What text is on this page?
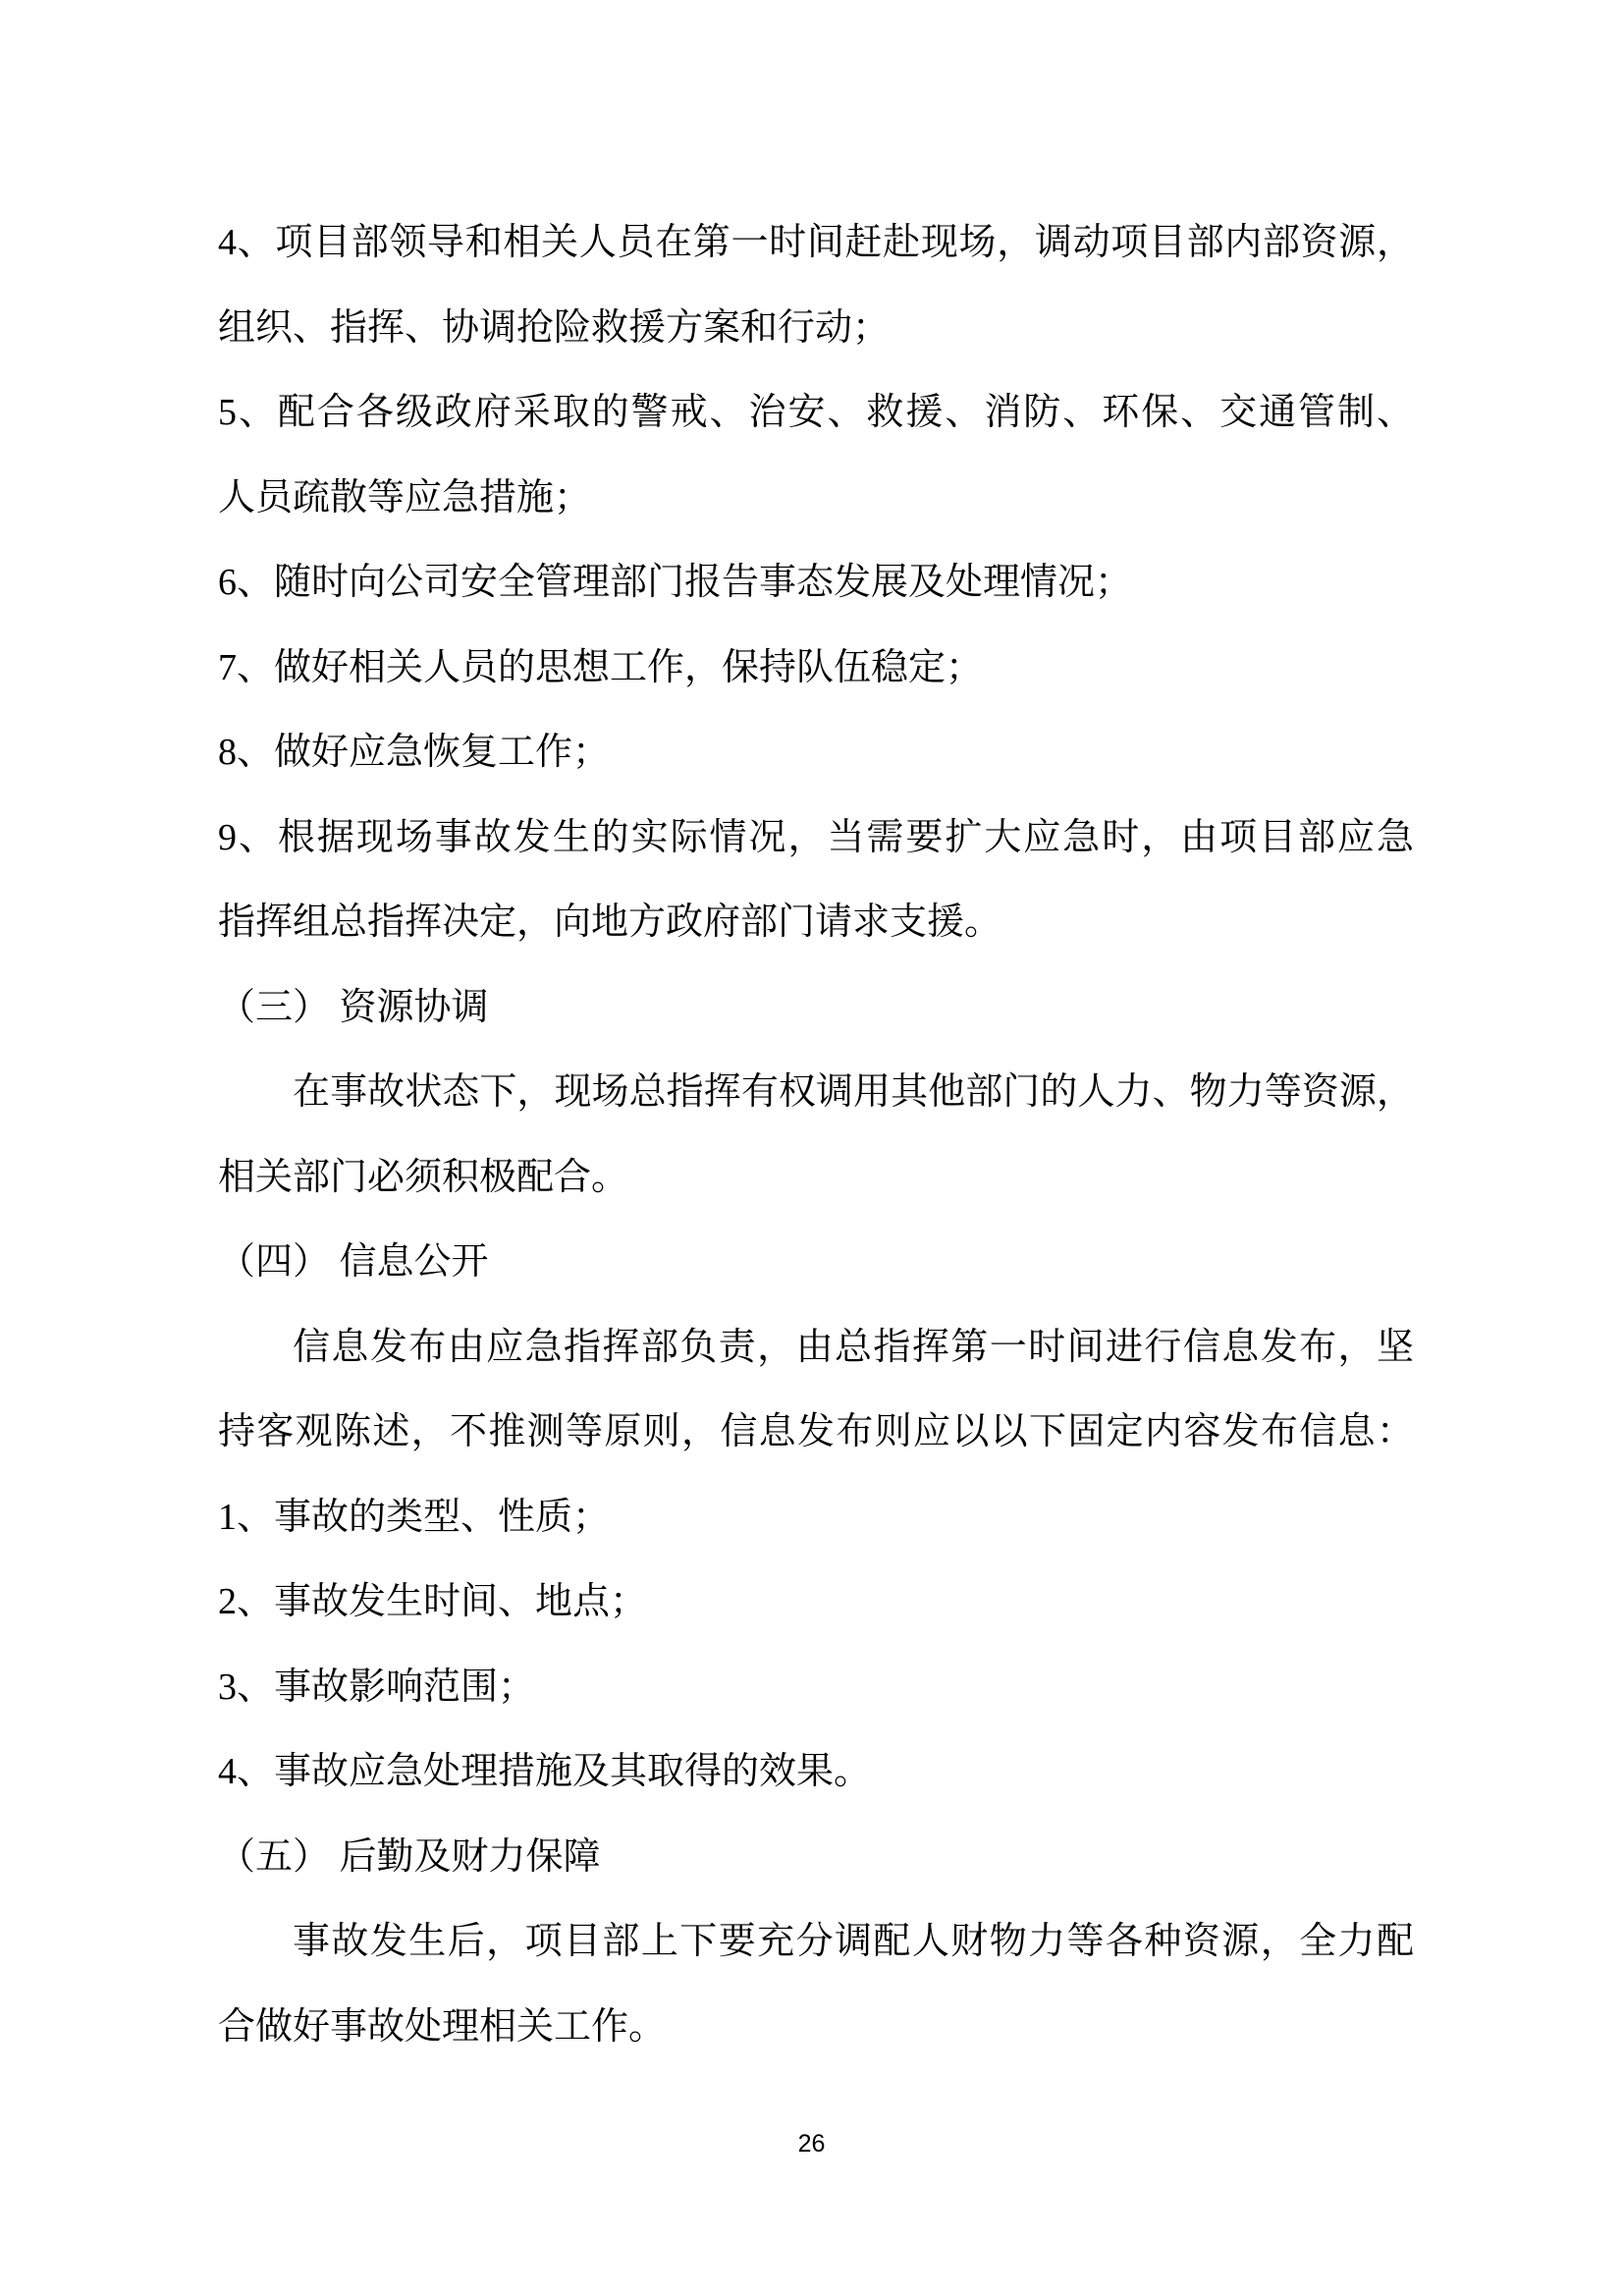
4、项目部领导和相关人员在第一时间赶赴现场，调动项目部内部资源，
组织、指挥、协调抢险救援方案和行动；
5、配合各级政府采取的警戒、治安、救援、消防、环保、交通管制、
人员疏散等应急措施；
6、随时向公司安全管理部门报告事态发展及处理情况；
7、做好相关人员的思想工作，保持队伍稳定；
8、做好应急恢复工作；
9、根据现场事故发生的实际情况，当需要扩大应急时，由项目部应急
指挥组总指挥决定，向地方政府部门请求支援。
（三） 资源协调
在事故状态下，现场总指挥有权调用其他部门的人力、物力等资源，
相关部门必须积极配合。
（四） 信息公开
信息发布由应急指挥部负责，由总指挥第一时间进行信息发布，坚
持客观陈述，不推测等原则，信息发布则应以以下固定内容发布信息：
1、事故的类型、性质；
2、事故发生时间、地点；
3、事故影响范围；
4、事故应急处理措施及其取得的效果。
（五） 后勤及财力保障
事故发生后，项目部上下要充分调配人财物力等各种资源，全力配
合做好事故处理相关工作。
26
